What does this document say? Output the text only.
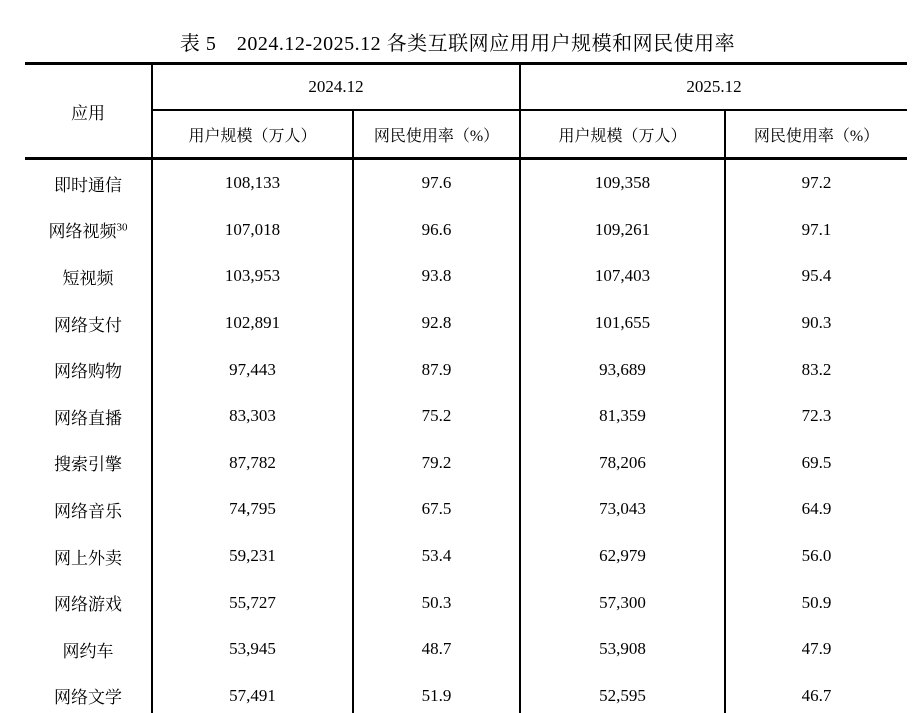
表 5　2024.12-2025.12 各类互联网应用用户规模和网民使用率
应用	2024.12		2025.12	
	用户规模（万人）	网民使用率（%）	用户规模（万人）	网民使用率（%）
即时通信	108,133	97.6	109,358	97.2
网络视频$^{30}$	107,018	96.6	109,261	97.1
短视频	103,953	93.8	107,403	95.4
网络支付	102,891	92.8	101,655	90.3
网络购物	97,443	87.9	93,689	83.2
网络直播	83,303	75.2	81,359	72.3
搜索引擎	87,782	79.2	78,206	69.5
网络音乐	74,795	67.5	73,043	64.9
网上外卖	59,231	53.4	62,979	56.0
网络游戏	55,727	50.3	57,300	50.9
网约车	53,945	48.7	53,908	47.9
网络文学	57,491	51.9	52,595	46.7
